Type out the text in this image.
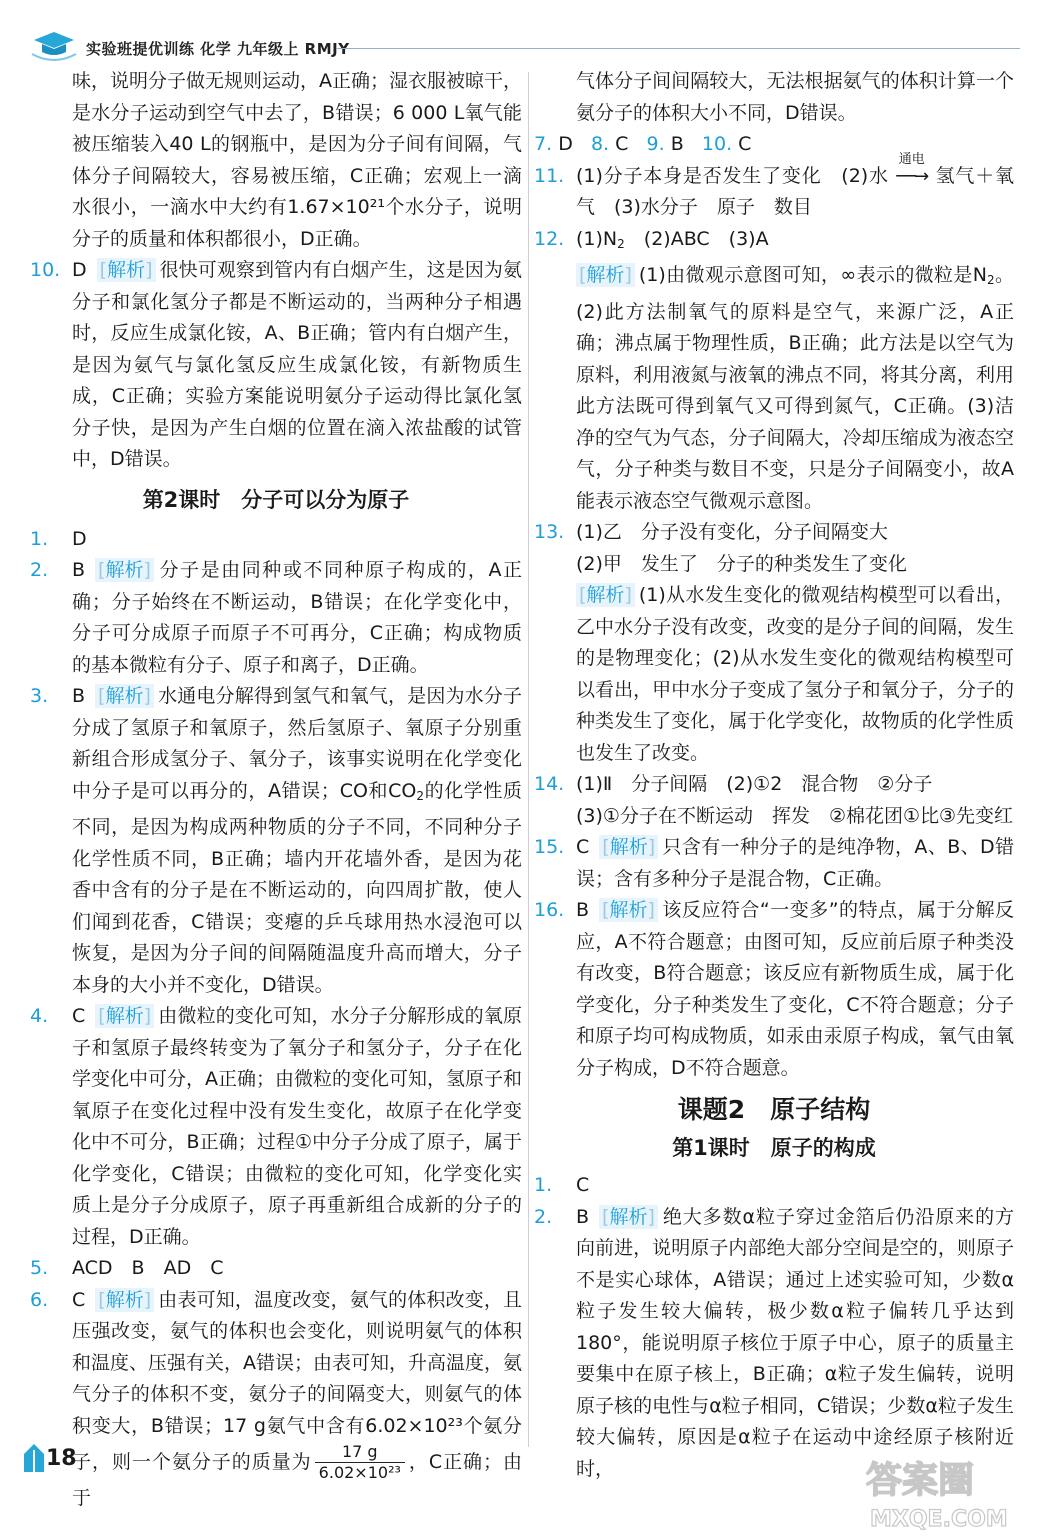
实验班提优训练 化学 九年级上 RMJY
味，说明分子做无规则运动，A正确；湿衣服被晾干，是水分子运动到空气中去了，B错误；6 000 L氧气能被压缩装入40 L的钢瓶中，是因为分子间有间隔，气体分子间隔较大，容易被压缩，C正确；宏观上一滴水很小，一滴水中大约有1.67×10²¹个水分子，说明分子的质量和体积都很小，D正确。
10. D [ 解析 ] 很快可观察到管内有白烟产生，这是因为氨分子和氯化氢分子都是不断运动的，当两种分子相遇时，反应生成氯化铵，A、B正确；管内有白烟产生，是因为氨气与氯化氢反应生成氯化铵，有新物质生成，C正确；实验方案能说明氨分子运动得比氯化氢分子快，是因为产生白烟的位置在滴入浓盐酸的试管中，D错误。
第2课时　分子可以分为原子
1. D
2. B [ 解析 ] 分子是由同种或不同种原子构成的，A正确；分子始终在不断运动，B错误；在化学变化中，分子可分成原子而原子不可再分，C正确；构成物质的基本微粒有分子、原子和离子，D正确。
3. B [ 解析 ] 水通电分解得到氢气和氧气，是因为水分子分成了氢原子和氧原子，然后氢原子、氧原子分别重新组合形成氢分子、氧分子，该事实说明在化学变化中分子是可以再分的，A错误；CO和CO2的化学性质不同，是因为构成两种物质的分子不同，不同种分子化学性质不同，B正确；墙内开花墙外香，是因为花香中含有的分子是在不断运动的，向四周扩散，使人们闻到花香，C错误；变瘪的乒乓球用热水浸泡可以恢复，是因为分子间的间隔随温度升高而增大，分子本身的大小并不变化，D错误。
4. C [ 解析 ] 由微粒的变化可知，水分子分解形成的氧原子和氢原子最终转变为了氧分子和氢分子，分子在化学变化中可分，A正确；由微粒的变化可知，氢原子和氧原子在变化过程中没有发生变化，故原子在化学变化中不可分，B正确；过程①中分子分成了原子，属于化学变化，C错误；由微粒的变化可知，化学变化实质上是分子分成原子，原子再重新组合成新的分子的过程，D正确。
5. ACD　B　AD　C
6. C [ 解析 ] 由表可知，温度改变，氨气的体积改变，且压强改变，氨气的体积也会变化，则说明氨气的体积和温度、压强有关，A错误；由表可知，升高温度，氨气分子的体积不变，氨分子的间隔变大，则氨气的体积变大，B错误；17 g氨气中含有6.02×10²³个氨分子，则一个氨分子的质量为 $\frac{17 g}{\text{6.02×10²³}}$ ，C正确；由于
气体分子间间隔较大，无法根据氨气的体积计算一个氨分子的体积大小不同，D错误。
7. D 8. C 9. B 10. C
11. (1)分子本身是否发生了变化　(2)水
通电
──→ 氢气＋氧气　(3)水分子　原子　数目
12. (1)N2　(2)ABC　(3)A
[ 解析 ] (1)由微观示意图可知，∞表示的微粒是N2。(2)此方法制氧气的原料是空气，来源广泛，A正确；沸点属于物理性质，B正确；此方法是以空气为原料，利用液氮与液氧的沸点不同，将其分离，利用此方法既可得到氧气又可得到氮气，C正确。(3)洁净的空气为气态，分子间隔大，冷却压缩成为液态空气，分子种类与数目不变，只是分子间隔变小，故A能表示液态空气微观示意图。
13. (1)乙　分子没有变化，分子间隔变大
(2)甲　发生了　分子的种类发生了变化
[ 解析 ] (1)从水发生变化的微观结构模型可以看出，乙中水分子没有改变，改变的是分子间的间隔，发生的是物理变化；(2)从水发生变化的微观结构模型可以看出，甲中水分子变成了氢分子和氧分子，分子的种类发生了变化，属于化学变化，故物质的化学性质也发生了改变。
14. (1)Ⅱ　分子间隔　(2)①2　混合物　②分子
(3)①分子在不断运动　挥发　②棉花团①比③先变红
15. C [ 解析 ] 只含有一种分子的是纯净物，A、B、D错误；含有多种分子是混合物，C正确。
16. B [ 解析 ] 该反应符合“一变多”的特点，属于分解反应，A不符合题意；由图可知，反应前后原子种类没有改变，B符合题意；该反应有新物质生成，属于化学变化，分子种类发生了变化，C不符合题意；分子和原子均可构成物质，如汞由汞原子构成，氧气由氧分子构成，D不符合题意。
课题2　原子结构
第1课时　原子的构成
1. C
2. B [ 解析 ] 绝大多数α粒子穿过金箔后仍沿原来的方向前进，说明原子内部绝大部分空间是空的，则原子不是实心球体，A错误；通过上述实验可知，少数α粒子发生较大偏转，极少数α粒子偏转几乎达到180°，能说明原子核位于原子中心，原子的质量主要集中在原子核上，B正确；α粒子发生偏转，说明原子核的电性与α粒子相同，C错误；少数α粒子发生较大偏转，原因是α粒子在运动中途经原子核附近时，
18
答案圈
MXQE.COM
